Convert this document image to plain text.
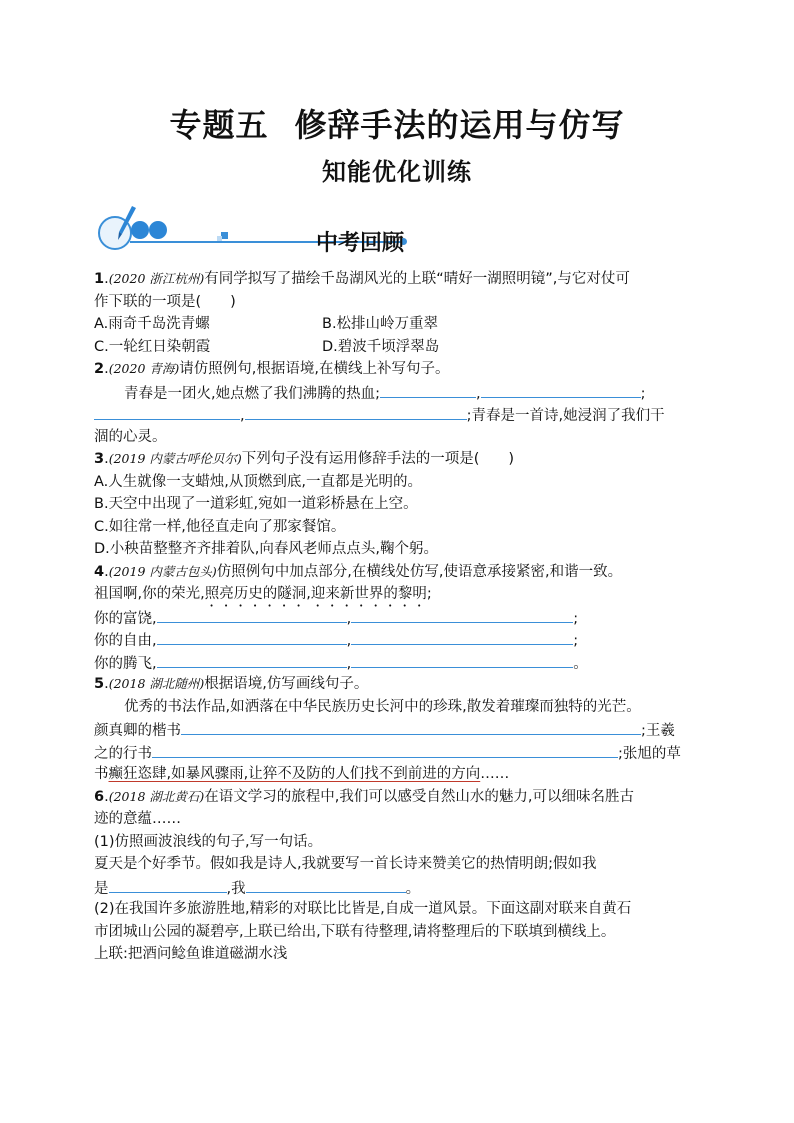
专题五 修辞手法的运用与仿写
知能优化训练
中考回顾
1.(2020 浙江杭州)有同学拟写了描绘千岛湖风光的上联“晴好一湖照明镜”,与它对仗可
作下联的一项是(　　)
A.雨奇千岛洗青螺	B.松排山岭万重翠
C.一轮红日染朝霞	D.碧波千顷浮翠岛
2.(2020 青海)请仿照例句,根据语境,在横线上补写句子。
青春是一团火,她点燃了我们沸腾的热血;	,	;
,	;青春是一首诗,她浸润了我们干
涸的心灵。
3.(2019 内蒙古呼伦贝尔)下列句子没有运用修辞手法的一项是(　　)
A.人生就像一支蜡烛,从顶燃到底,一直都是光明的。
B.天空中出现了一道彩虹,宛如一道彩桥悬在上空。
C.如往常一样,他径直走向了那家餐馆。
D.小秧苗整整齐齐排着队,向春风老师点点头,鞠个躬。
4.(2019 内蒙古包头)仿照例句中加点部分,在横线处仿写,使语意承接紧密,和谐一致。
祖国啊,你的荣光,照亮历史的隧洞,迎来新世界的黎明;
你的富饶,	,	;
你的自由,	,	;
你的腾飞,	,	。
5.(2018 湖北随州)根据语境,仿写画线句子。
优秀的书法作品,如洒落在中华民族历史长河中的珍珠,散发着璀璨而独特的光芒。
颜真卿的楷书	;王羲
之的行书	;张旭的草
书癫狂恣肆,如暴风骤雨,让猝不及防的人们找不到前进的方向……
6.(2018 湖北黄石)在语文学习的旅程中,我们可以感受自然山水的魅力,可以细味名胜古
迹的意蕴……
(1)仿照画波浪线的句子,写一句话。
夏天是个好季节。假如我是诗人,我就要写一首长诗来赞美它的热情明朗;假如我
是	,我	。
(2)在我国许多旅游胜地,精彩的对联比比皆是,自成一道风景。下面这副对联来自黄石
市团城山公园的凝碧亭,上联已给出,下联有待整理,请将整理后的下联填到横线上。
上联:把酒问鲶鱼谁道磁湖水浅
